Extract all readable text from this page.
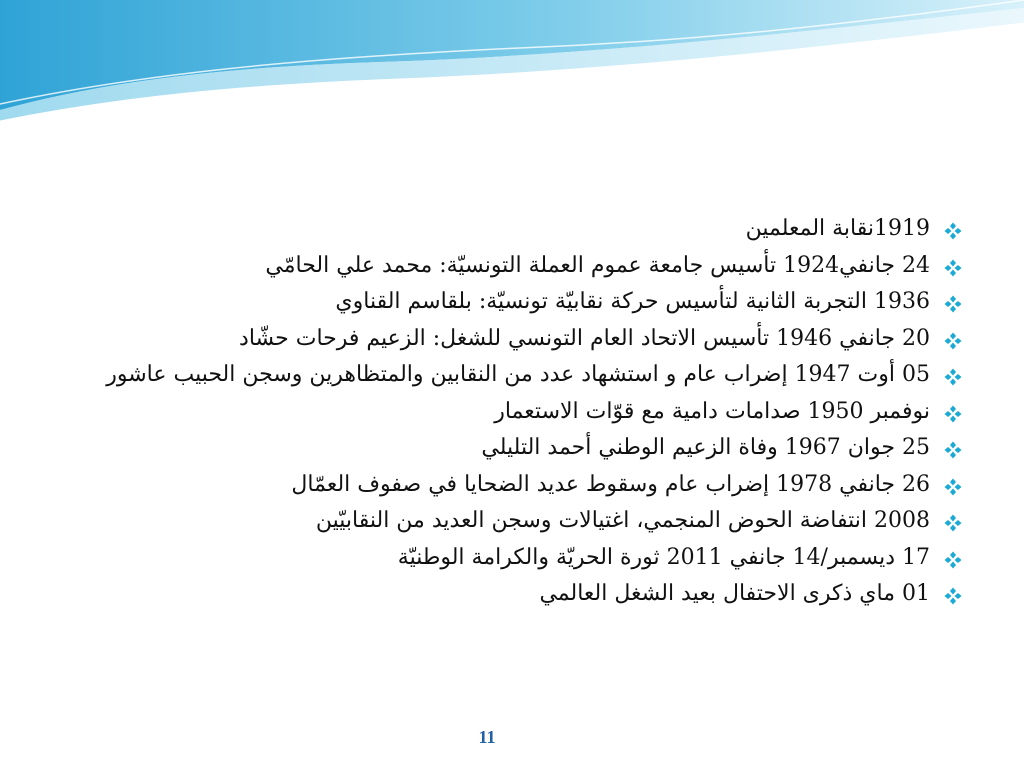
1919نقابة المعلمين
24 جانفي1924 تأسيس جامعة عموم العملة التونسيّة: محمد علي الحامّي
1936 التجربة الثانية لتأسيس حركة نقابيّة تونسيّة: بلقاسم القناوي
20 جانفي 1946 تأسيس الاتحاد العام التونسي للشغل: الزعيم فرحات حشّاد
05 أوت 1947 إضراب عام و استشهاد عدد من النقابين والمتظاهرين وسجن الحبيب عاشور
نوفمبر 1950 صدامات دامية مع قوّات الاستعمار
25 جوان 1967 وفاة الزعيم الوطني أحمد التليلي
26 جانفي 1978 إضراب عام وسقوط عديد الضحايا في صفوف العمّال
2008 انتفاضة الحوض المنجمي، اغتيالات وسجن العديد من النقابيّين
17 ديسمبر/14 جانفي 2011 ثورة الحريّة والكرامة الوطنيّة
01 ماي ذكرى الاحتفال بعيد الشغل العالمي
11
